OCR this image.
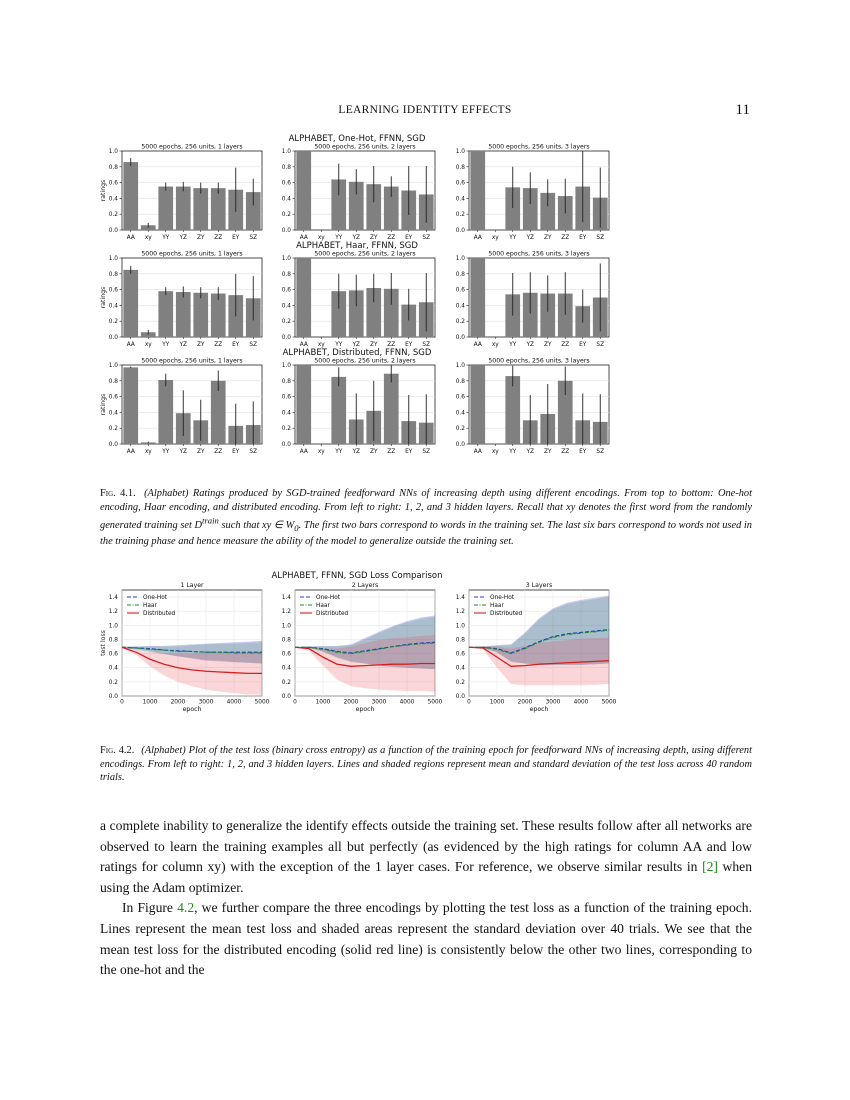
LEARNING IDENTITY EFFECTS	11
ALPHABET, One-Hot, FFNN, SGD
5000 epochs, 256 units, 1 layers
0.0
0.2
0.4
0.6
0.8
1.0
AA xy YY YZ ZY ZZ EY SZ
ratings
5000 epochs, 256 units, 2 layers
0.0
0.2
0.4
0.6
0.8
1.0
AA xy YY YZ ZY ZZ EY SZ
5000 epochs, 256 units, 3 layers
0.0
0.2
0.4
0.6
0.8
1.0
AA xy YY YZ ZY ZZ EY SZ
ALPHABET, Haar, FFNN, SGD
5000 epochs, 256 units, 1 layers
0.0
0.2
0.4
0.6
0.8
1.0
AA xy YY YZ ZY ZZ EY SZ
ratings
5000 epochs, 256 units, 2 layers
0.0
0.2
0.4
0.6
0.8
1.0
AA xy YY YZ ZY ZZ EY SZ
5000 epochs, 256 units, 3 layers
0.0
0.2
0.4
0.6
0.8
1.0
AA xy YY YZ ZY ZZ EY SZ
ALPHABET, Distributed, FFNN, SGD
5000 epochs, 256 units, 1 layers
0.0
0.2
0.4
0.6
0.8
1.0
AA xy YY YZ ZY ZZ EY SZ
ratings
5000 epochs, 256 units, 2 layers
0.0
0.2
0.4
0.6
0.8
1.0
AA xy YY YZ ZY ZZ EY SZ
5000 epochs, 256 units, 3 layers
0.0
0.2
0.4
0.6
0.8
1.0
AA xy YY YZ ZY ZZ EY SZ
Fig. 4.1. (Alphabet) Ratings produced by SGD-trained feedforward NNs of increasing depth using different encodings. From top to bottom: One-hot encoding, Haar encoding, and distributed encoding. From left to right: 1, 2, and 3 hidden layers. Recall that xy denotes the first word from the randomly generated training set $D^{train}$ such that xy ∈ $W_0$. The first two bars correspond to words in the training set. The last six bars correspond to words not used in the training phase and hence measure the ability of the model to generalize outside the training set.
ALPHABET, FFNN, SGD Loss Comparison
1 Layer
0.0
0.2
0.4
0.6
0.8
1.0
1.2
1.4
0	1000 2000 3000 4000 5000
epoch
test loss
One-Hot
Haar
Distributed
2 Layers
0.0
0.2
0.4
0.6
0.8
1.0
1.2
1.4
0	1000 2000 3000 4000 5000
epoch
One-Hot
Haar
Distributed
3 Layers
0.0
0.2
0.4
0.6
0.8
1.0
1.2
1.4
0	1000 2000 3000 4000 5000
epoch
One-Hot
Haar
Distributed
Fig. 4.2. (Alphabet) Plot of the test loss (binary cross entropy) as a function of the training epoch for feedforward NNs of increasing depth, using different encodings. From left to right: 1, 2, and 3 hidden layers. Lines and shaded regions represent mean and standard deviation of the test loss across 40 random trials.

a complete inability to generalize the identify effects outside the training set. These results follow after all networks are observed to learn the training examples all but perfectly (as evidenced by the high ratings for column AA and low ratings for column xy) with the exception of the 1 layer cases. For reference, we observe similar results in [2] when using the Adam optimizer.

In Figure 4.2, we further compare the three encodings by plotting the test loss as a function of the training epoch. Lines represent the mean test loss and shaded areas represent the standard deviation over 40 trials. We see that the mean test loss for the distributed encoding (solid red line) is consistently below the other two lines, corresponding to the one-hot and the
